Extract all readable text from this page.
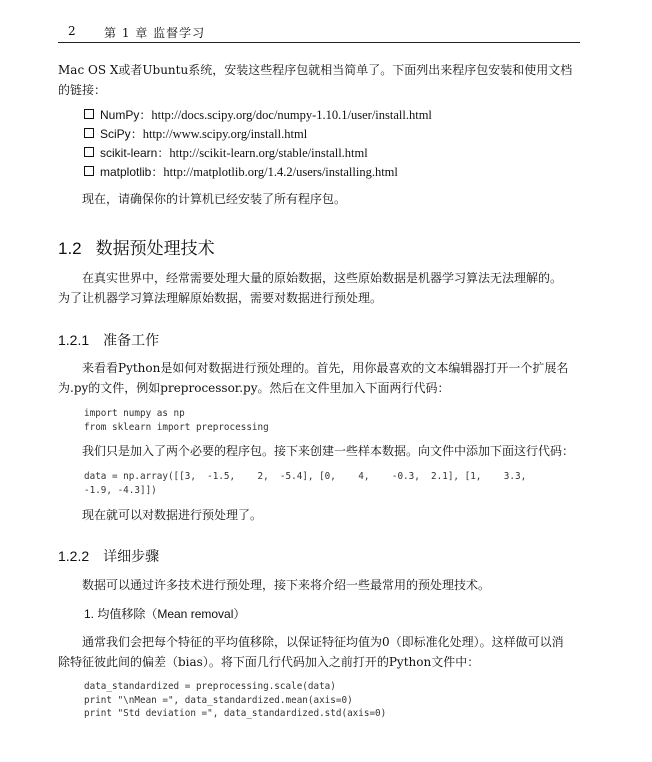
2 第 1 章 监督学习
Mac OS X或者Ubuntu系统，安装这些程序包就相当简单了。下面列出来程序包安装和使用文档
的链接：
NumPy：http://docs.scipy.org/doc/numpy-1.10.1/user/install.html
SciPy：http://www.scipy.org/install.html
scikit-learn：http://scikit-learn.org/stable/install.html
matplotlib：http://matplotlib.org/1.4.2/users/installing.html
现在，请确保你的计算机已经安装了所有程序包。
1.2 数据预处理技术
在真实世界中，经常需要处理大量的原始数据，这些原始数据是机器学习算法无法理解的。
为了让机器学习算法理解原始数据，需要对数据进行预处理。
1.2.1 准备工作
来看看Python是如何对数据进行预处理的。首先，用你最喜欢的文本编辑器打开一个扩展名
为.py的文件，例如preprocessor.py。然后在文件里加入下面两行代码：
import numpy as np
from sklearn import preprocessing
我们只是加入了两个必要的程序包。接下来创建一些样本数据。向文件中添加下面这行代码：
data = np.array([[3,  -1.5,    2,  -5.4], [0,    4,    -0.3,  2.1], [1,    3.3,
-1.9, -4.3]])
现在就可以对数据进行预处理了。
1.2.2 详细步骤
数据可以通过许多技术进行预处理，接下来将介绍一些最常用的预处理技术。
1. 均值移除（Mean removal）
通常我们会把每个特征的平均值移除，以保证特征均值为0（即标准化处理）。这样做可以消
除特征彼此间的偏差（bias）。将下面几行代码加入之前打开的Python文件中：
data_standardized = preprocessing.scale(data)
print "\nMean =", data_standardized.mean(axis=0)
print "Std deviation =", data_standardized.std(axis=0)
